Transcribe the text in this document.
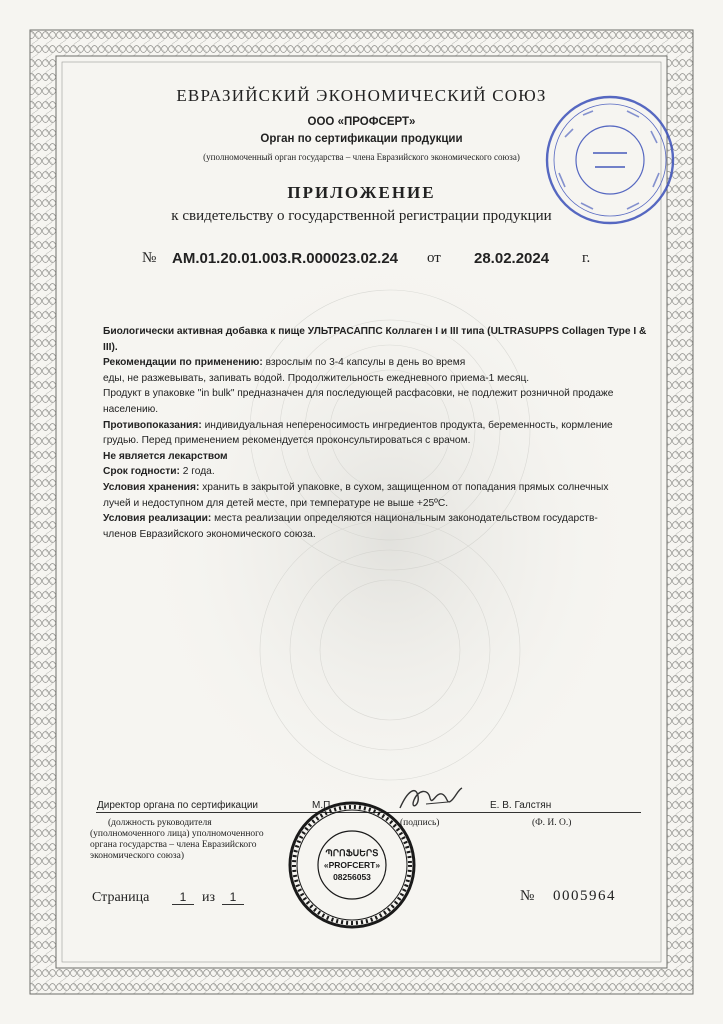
ЕВРАЗИЙСКИЙ ЭКОНОМИЧЕСКИЙ СОЮЗ
ООО «ПРОФСЕРТ»
Орган по сертификации продукции
(уполномоченный орган государства – члена Евразийского экономического союза)
ПРИЛОЖЕНИЕ
к свидетельству о государственной регистрации продукции
№ AM.01.20.01.003.R.000023.02.24 от 28.02.2024 г.

Биологически активная добавка к пище УЛЬТРАСАППС Коллаген I и III типа (ULTRASUPPS Collagen Type I & III).

Рекомендации по применению: взрослым по 3-4 капсулы в день во время

еды, не разжевывать, запивать водой. Продолжительность ежедневного приема-1 месяц.

Продукт в упаковке "in bulk" предназначен для последующей расфасовки, не подлежит розничной продаже

населению.

Противопоказания: индивидуальная непереносимость ингредиентов продукта, беременность, кормление

грудью. Перед применением рекомендуется проконсультироваться с врачом.

Не является лекарством

Срок годности: 2 года.

Условия хранения: хранить в закрытой упаковке, в сухом, защищенном от попадания прямых солнечных

лучей и недоступном для детей месте, при температуре не выше +25ºС.

Условия реализации: места реализации определяются национальным законодательством государств-

членов Евразийского экономического союза.

Директор органа по сертификации	М.П.	Е. В. Галстян
(должность руководителя
(уполномоченного лица) уполномоченного
органа государства – члена Евразийского
экономического союза)
(подпись)	(Ф. И. О.)
Страница	1	из	1	№ 0005964
ՊՐՈՖՍԵՐՏ
«PROFCERT»
08256053
